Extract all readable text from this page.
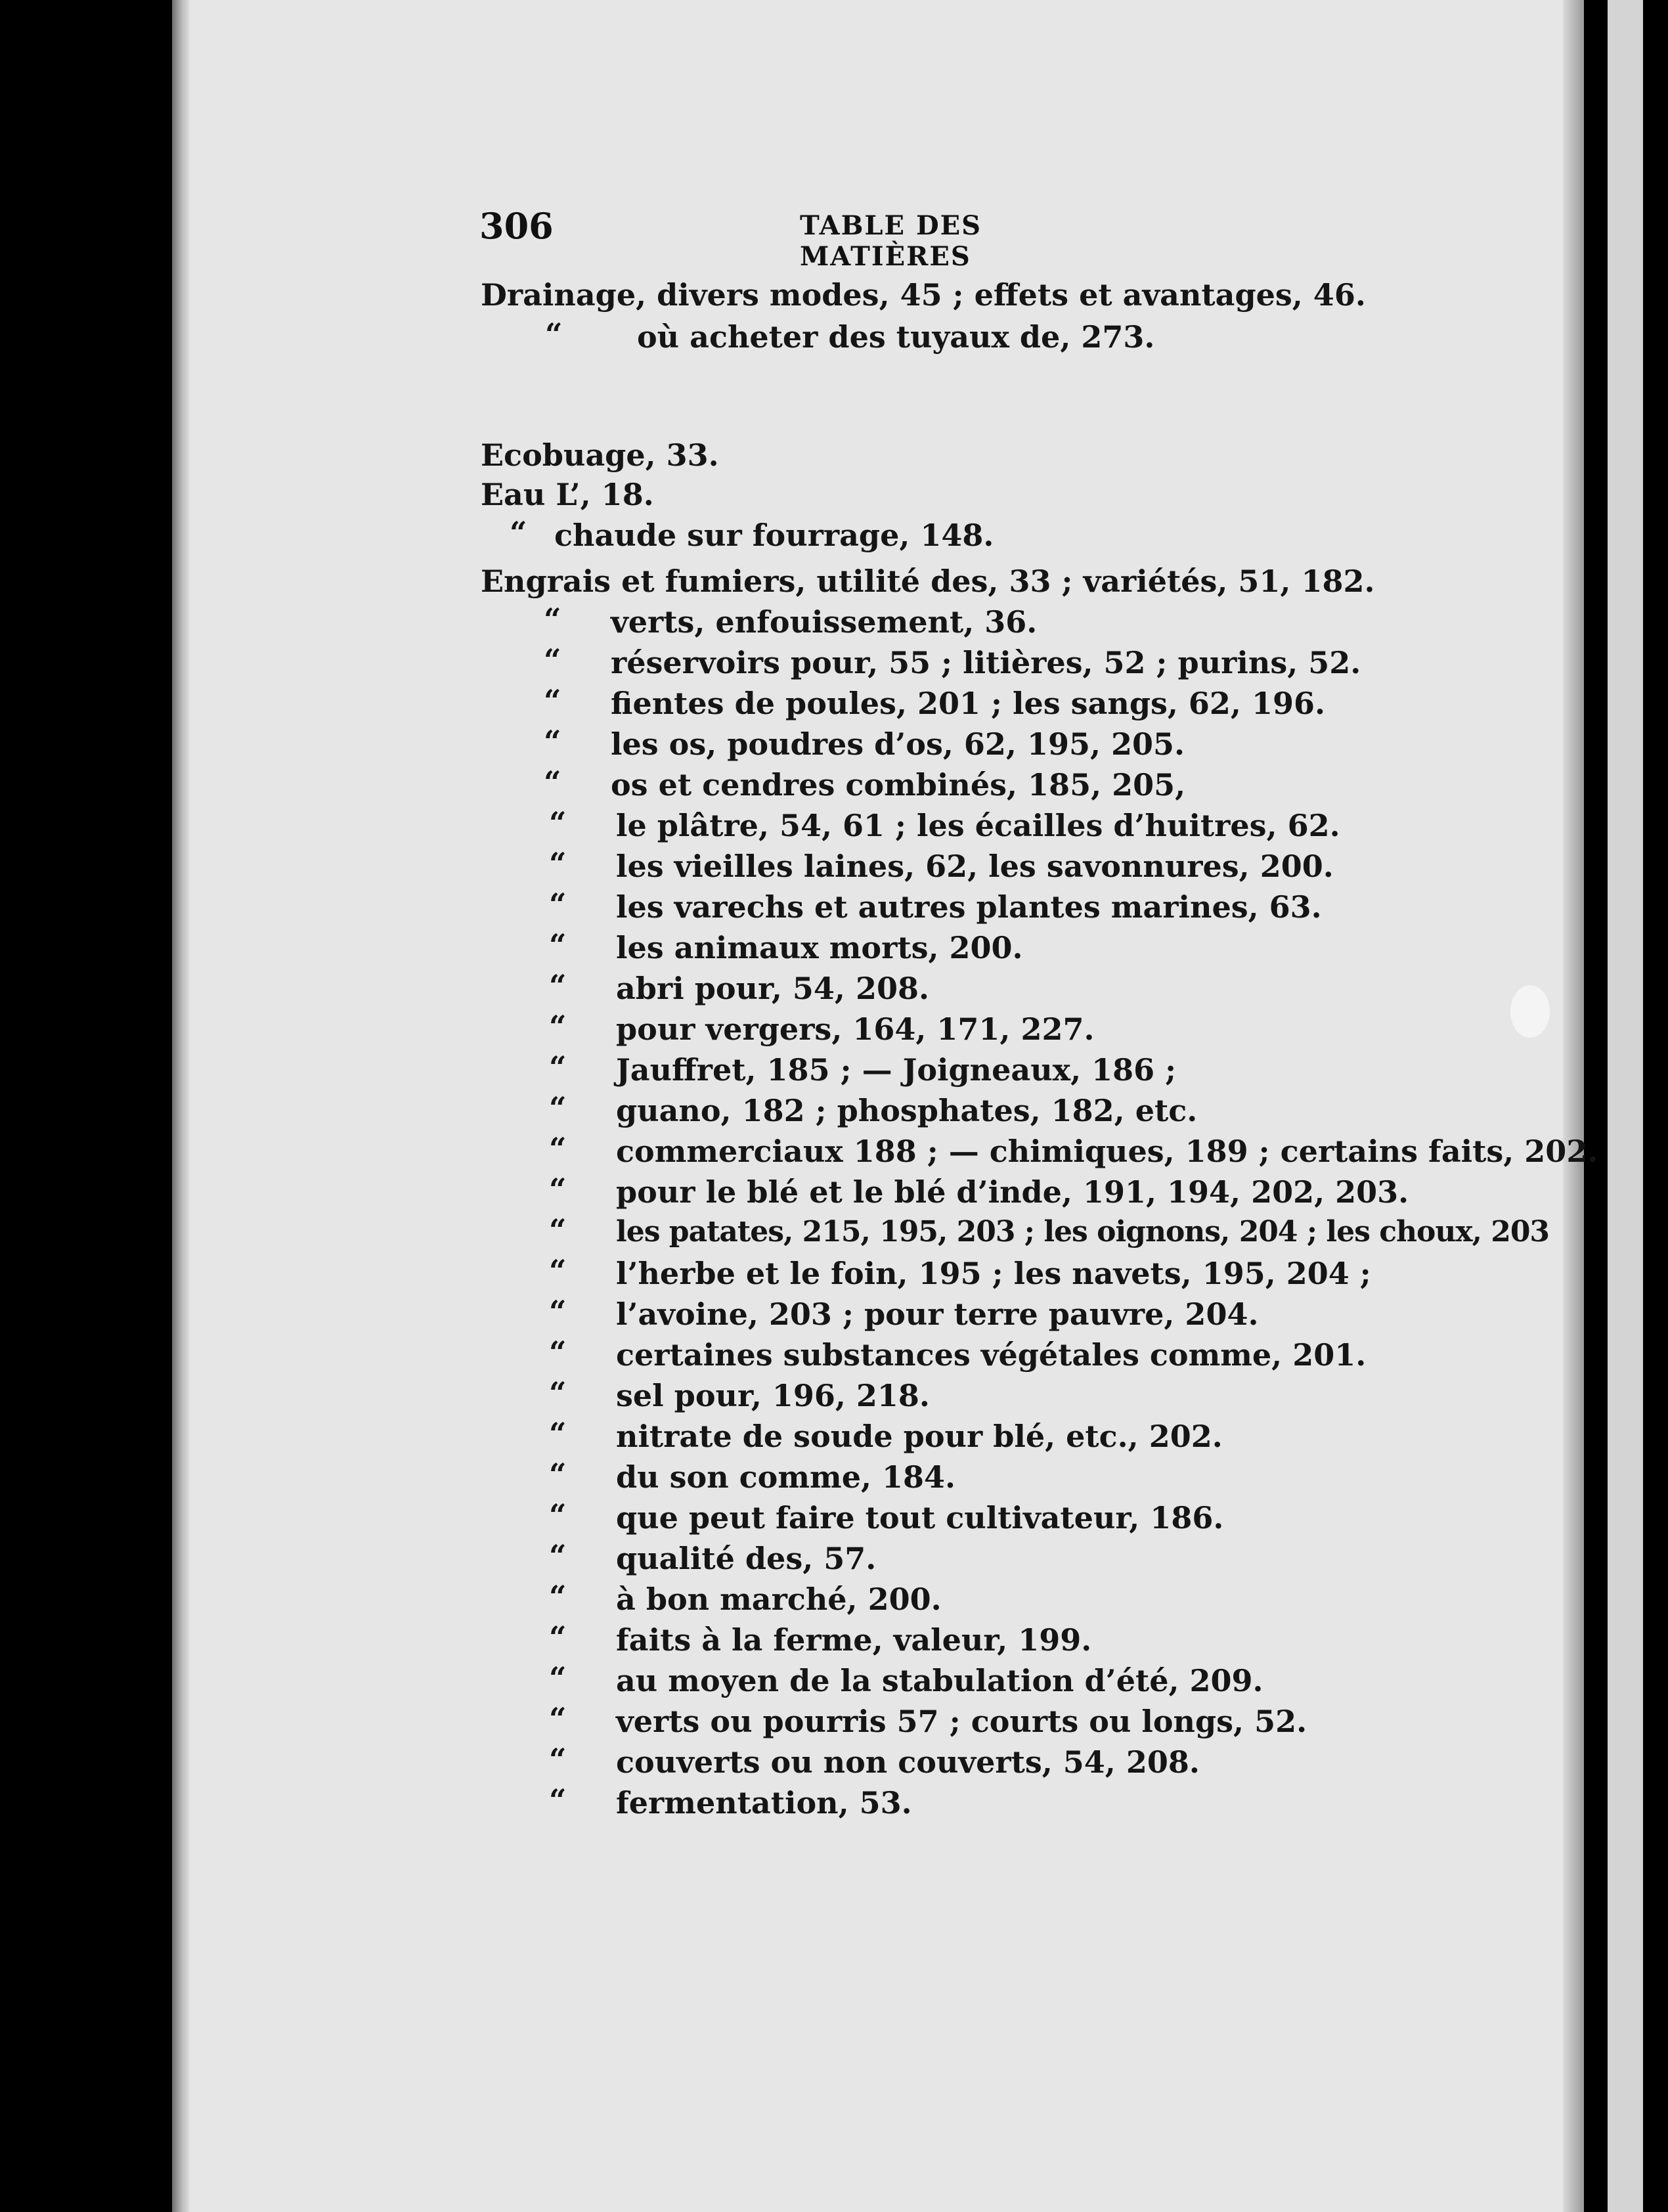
306	TABLE DES MATIÈRES
Drainage, divers modes, 45 ; effets et avantages, 46.
“ où acheter des tuyaux de, 273.
Ecobuage, 33.
Eau L’, 18.
“ chaude sur fourrage, 148.
Engrais et fumiers, utilité des, 33 ; variétés, 51, 182.
“ verts, enfouissement, 36.
“ réservoirs pour, 55 ; litières, 52 ; purins, 52.
“ fientes de poules, 201 ; les sangs, 62, 196.
“ les os, poudres d’os, 62, 195, 205.
“ os et cendres combinés, 185, 205,
“ le plâtre, 54, 61 ; les écailles d’huitres, 62.
“ les vieilles laines, 62, les savonnures, 200.
“ les varechs et autres plantes marines, 63.
“ les animaux morts, 200.
“ abri pour, 54, 208.
“ pour vergers, 164, 171, 227.
“ Jauffret, 185 ; — Joigneaux, 186 ;
“ guano, 182 ; phosphates, 182, etc.
“ commerciaux 188 ; — chimiques, 189 ; certains faits, 202.
“ pour le blé et le blé d’inde, 191, 194, 202, 203.
“ les patates, 215, 195, 203 ; les oignons, 204 ; les choux, 203
“ l’herbe et le foin, 195 ; les navets, 195, 204 ;
“ l’avoine, 203 ; pour terre pauvre, 204.
“ certaines substances végétales comme, 201.
“ sel pour, 196, 218.
“ nitrate de soude pour blé, etc., 202.
“ du son comme, 184.
“ que peut faire tout cultivateur, 186.
“ qualité des, 57.
“ à bon marché, 200.
“ faits à la ferme, valeur, 199.
“ au moyen de la stabulation d’été, 209.
“ verts ou pourris 57 ; courts ou longs, 52.
“ couverts ou non couverts, 54, 208.
“ fermentation, 53.
